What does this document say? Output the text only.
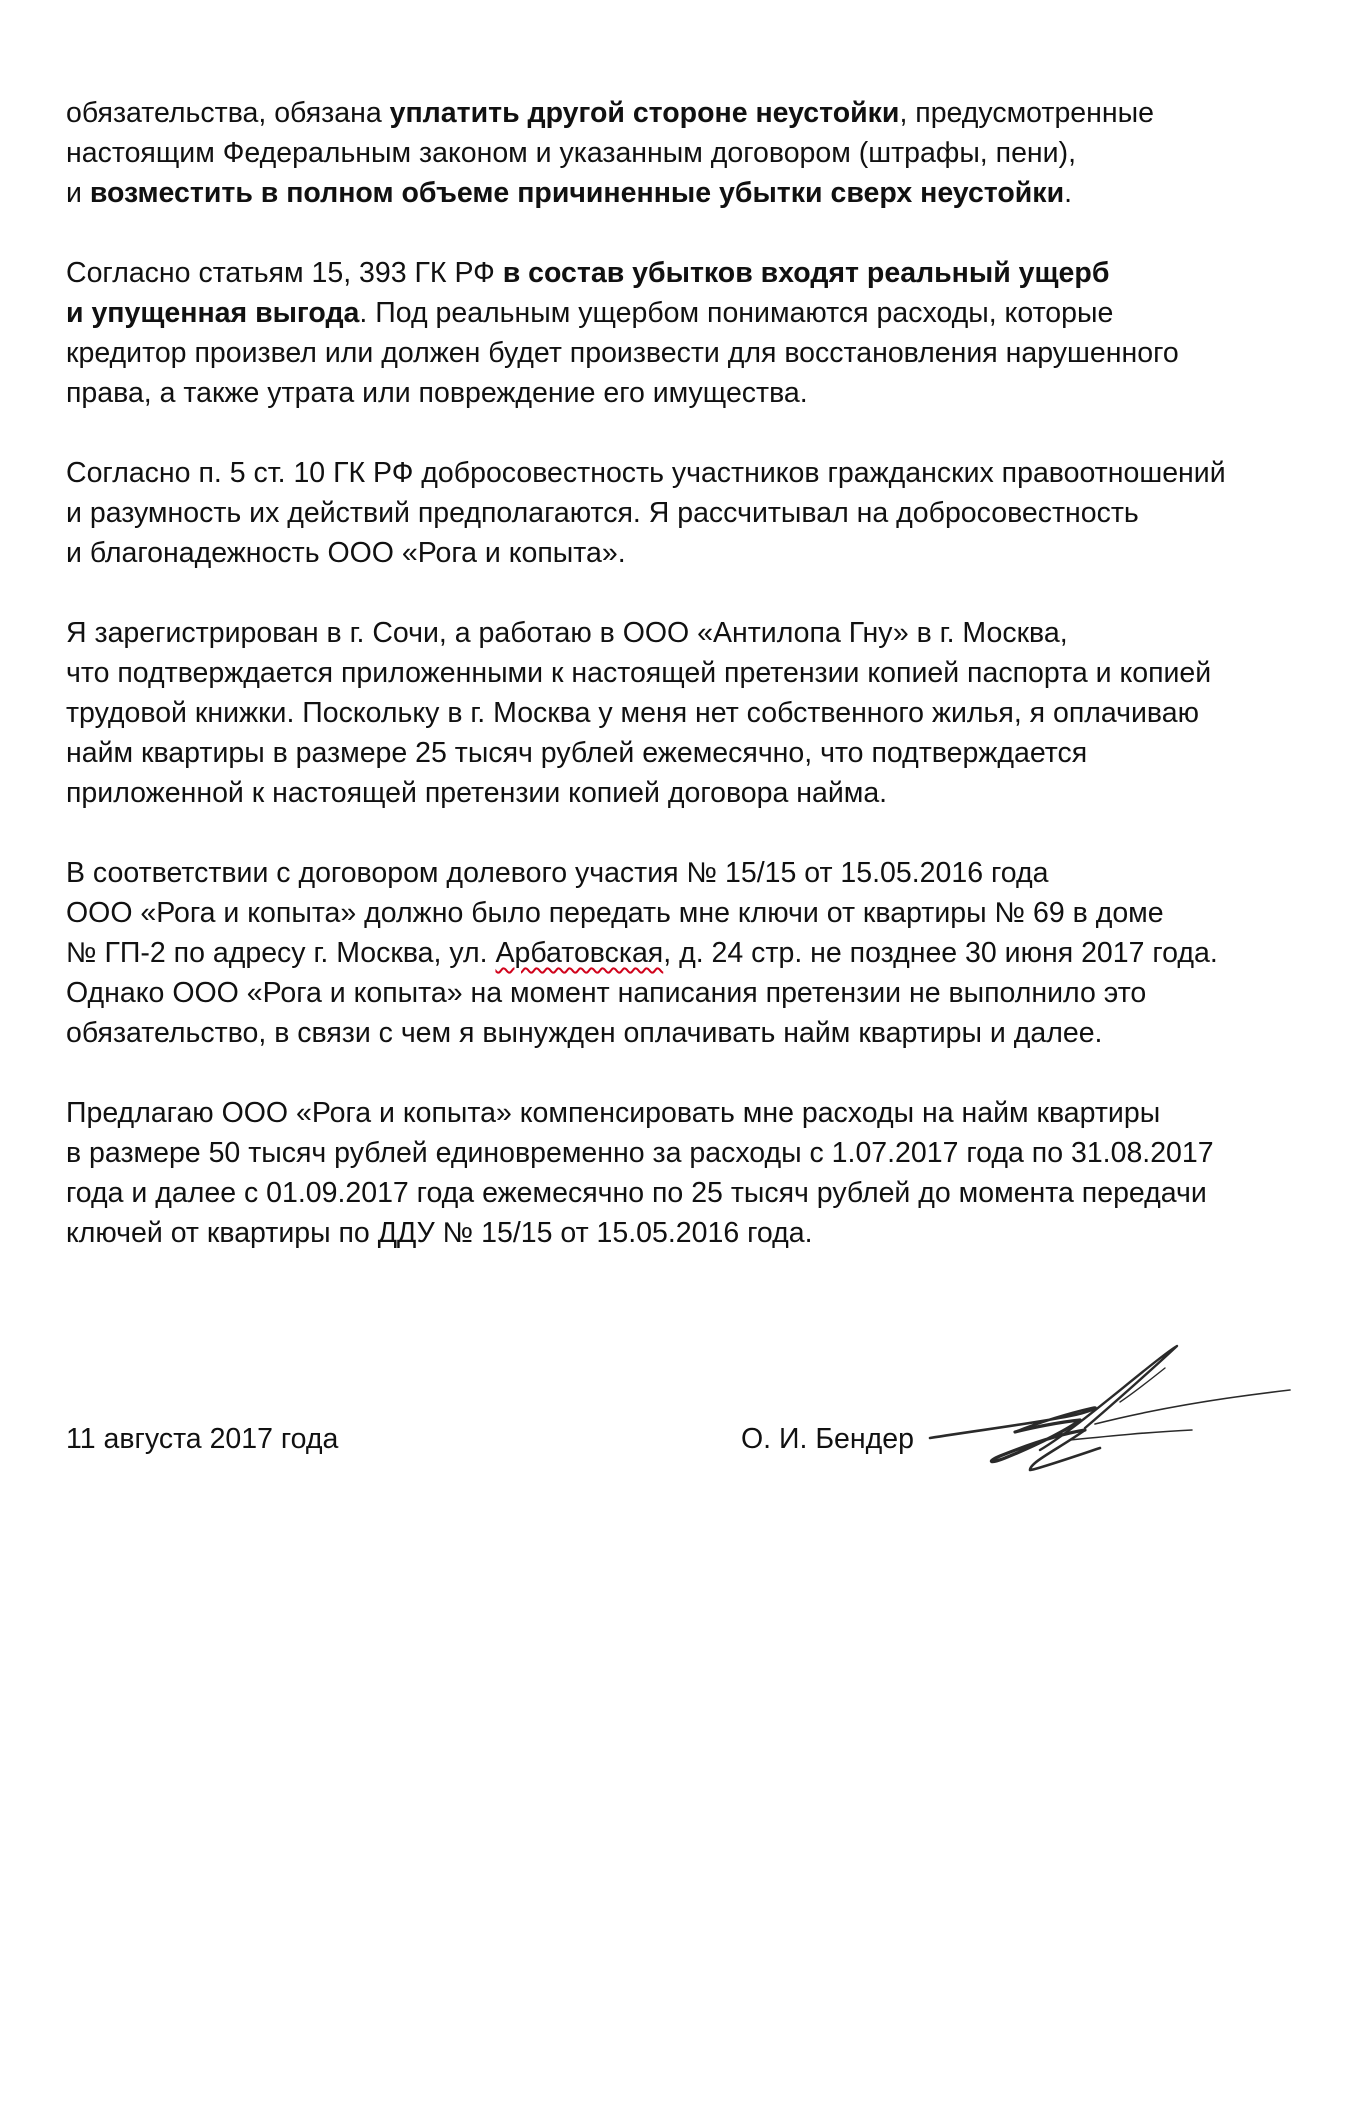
обязательства, обязана уплатить другой стороне неустойки, предусмотренные
настоящим Федеральным законом и указанным договором (штрафы, пени),
и возместить в полном объеме причиненные убытки сверх неустойки.
Согласно статьям 15, 393 ГК РФ в состав убытков входят реальный ущерб
и упущенная выгода. Под реальным ущербом понимаются расходы, которые
кредитор произвел или должен будет произвести для восстановления нарушенного
права, а также утрата или повреждение его имущества.
Согласно п. 5 ст. 10 ГК РФ добросовестность участников гражданских правоотношений
и разумность их действий предполагаются. Я рассчитывал на добросовестность
и благонадежность ООО «Рога и копыта».
Я зарегистрирован в г. Сочи, а работаю в ООО «Антилопа Гну» в г. Москва,
что подтверждается приложенными к настоящей претензии копией паспорта и копией
трудовой книжки. Поскольку в г. Москва у меня нет собственного жилья, я оплачиваю
найм квартиры в размере 25 тысяч рублей ежемесячно, что подтверждается
приложенной к настоящей претензии копией договора найма.
В соответствии с договором долевого участия № 15/15 от 15.05.2016 года
ООО «Рога и копыта» должно было передать мне ключи от квартиры № 69 в доме
№ ГП-2 по адресу г. Москва, ул. Арбатовская, д. 24 стр. не позднее 30 июня 2017 года.
Однако ООО «Рога и копыта» на момент написания претензии не выполнило это
обязательство, в связи с чем я вынужден оплачивать найм квартиры и далее.
Предлагаю ООО «Рога и копыта» компенсировать мне расходы на найм квартиры
в размере 50 тысяч рублей единовременно за расходы с 1.07.2017 года по 31.08.2017
года и далее с 01.09.2017 года ежемесячно по 25 тысяч рублей до момента передачи
ключей от квартиры по ДДУ № 15/15 от 15.05.2016 года.
11 августа 2017 года	О. И. Бендер
